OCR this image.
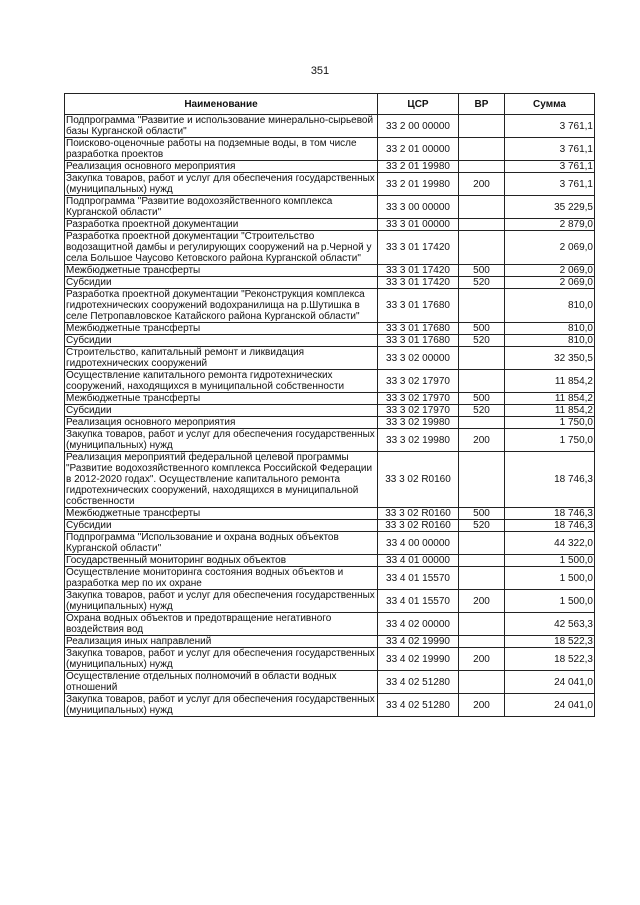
351
Наименование	ЦСР	ВР	Сумма
Подпрограмма "Развитие и использование минерально-сырьевой базы Курганской области"	33 2 00 00000		3 761,1
Поисково-оценочные работы на подземные воды, в том числе разработка проектов	33 2 01 00000		3 761,1
Реализация основного мероприятия	33 2 01 19980		3 761,1
Закупка товаров, работ и услуг для обеспечения государственных (муниципальных) нужд	33 2 01 19980	200	3 761,1
Подпрограмма "Развитие водохозяйственного комплекса Курганской области"	33 3 00 00000		35 229,5
Разработка проектной документации	33 3 01 00000		2 879,0
Разработка проектной документации "Строительство водозащитной дамбы и регулирующих сооружений на р.Черной у села Большое Чаусово Кетовского района Курганской области"	33 3 01 17420		2 069,0
Межбюджетные трансферты	33 3 01 17420	500	2 069,0
Субсидии	33 3 01 17420	520	2 069,0
Разработка проектной документации "Реконструкция комплекса гидротехнических сооружений водохранилища на р.Шутишка в селе Петропавловское Катайского района Курганской области"	33 3 01 17680		810,0
Межбюджетные трансферты	33 3 01 17680	500	810,0
Субсидии	33 3 01 17680	520	810,0
Строительство, капитальный ремонт и ликвидация гидротехнических сооружений	33 3 02 00000		32 350,5
Осуществление капитального ремонта гидротехнических сооружений, находящихся в муниципальной собственности	33 3 02 17970		11 854,2
Межбюджетные трансферты	33 3 02 17970	500	11 854,2
Субсидии	33 3 02 17970	520	11 854,2
Реализация основного мероприятия	33 3 02 19980		1 750,0
Закупка товаров, работ и услуг для обеспечения государственных (муниципальных) нужд	33 3 02 19980	200	1 750,0
Реализация мероприятий федеральной целевой программы "Развитие водохозяйственного комплекса Российской Федерации в 2012-2020 годах". Осуществление капитального ремонта гидротехнических сооружений, находящихся в муниципальной собственности	33 3 02 R0160		18 746,3
Межбюджетные трансферты	33 3 02 R0160	500	18 746,3
Субсидии	33 3 02 R0160	520	18 746,3
Подпрограмма "Использование и охрана водных объектов Курганской области"	33 4 00 00000		44 322,0
Государственный мониторинг водных объектов	33 4 01 00000		1 500,0
Осуществление мониторинга состояния водных объектов и разработка мер по их охране	33 4 01 15570		1 500,0
Закупка товаров, работ и услуг для обеспечения государственных (муниципальных) нужд	33 4 01 15570	200	1 500,0
Охрана водных объектов и предотвращение негативного воздействия вод	33 4 02 00000		42 563,3
Реализация иных направлений	33 4 02 19990		18 522,3
Закупка товаров, работ и услуг для обеспечения государственных (муниципальных) нужд	33 4 02 19990	200	18 522,3
Осуществление отдельных полномочий в области водных отношений	33 4 02 51280		24 041,0
Закупка товаров, работ и услуг для обеспечения государственных (муниципальных) нужд	33 4 02 51280	200	24 041,0
